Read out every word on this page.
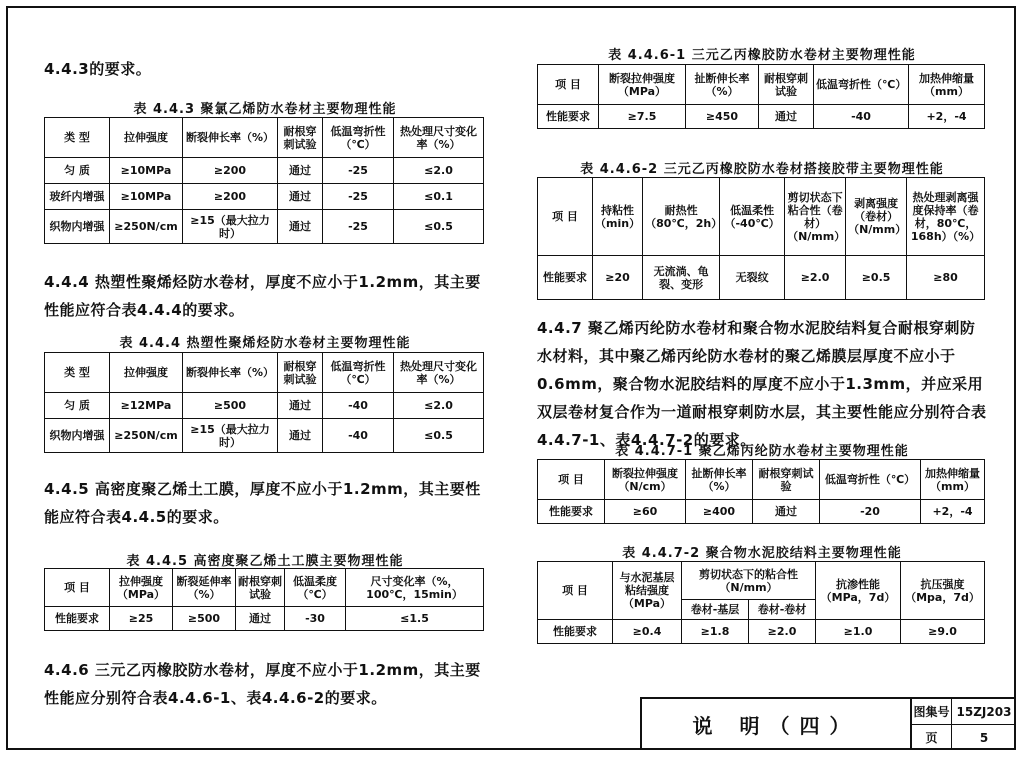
4.4.3的要求。

表 4.4.3 聚氯乙烯防水卷材主要物理性能
类 型	拉伸强度	断裂伸长率（%）	耐根穿刺试验	低温弯折性（℃）	热处理尺寸变化率（%）
匀 质	≥10MPa	≥200	通过	-25	≤2.0
玻纤内增强	≥10MPa	≥200	通过	-25	≤0.1
织物内增强	≥250N/cm	≥15（最大拉力时）	通过	-25	≤0.5

4.4.4 热塑性聚烯烃防水卷材，厚度不应小于1.2mm，其主要性能应符合表4.4.4的要求。

表 4.4.4 热塑性聚烯烃防水卷材主要物理性能
类 型	拉伸强度	断裂伸长率（%）	耐根穿刺试验	低温弯折性（℃）	热处理尺寸变化率（%）
匀 质	≥12MPa	≥500	通过	-40	≤2.0
织物内增强	≥250N/cm	≥15（最大拉力时）	通过	-40	≤0.5

4.4.5 高密度聚乙烯土工膜，厚度不应小于1.2mm，其主要性能应符合表4.4.5的要求。

表 4.4.5 高密度聚乙烯土工膜主要物理性能
项 目	拉伸强度（MPa）	断裂延伸率（%）	耐根穿刺试验	低温柔度（℃）	尺寸变化率（%，100℃，15min）
性能要求	≥25	≥500	通过	-30	≤1.5

4.4.6 三元乙丙橡胶防水卷材，厚度不应小于1.2mm，其主要性能应分别符合表4.4.6-1、表4.4.6-2的要求。

表 4.4.6-1 三元乙丙橡胶防水卷材主要物理性能
项 目	断裂拉伸强度（MPa）	扯断伸长率（%）	耐根穿刺试验	低温弯折性（℃）	加热伸缩量（mm）
性能要求	≥7.5	≥450	通过	-40	+2，-4
表 4.4.6-2 三元乙丙橡胶防水卷材搭接胶带主要物理性能
项 目	持粘性（min）	耐热性（80℃，2h）	低温柔性（-40℃）	剪切状态下粘合性（卷材）（N/mm）	剥离强度（卷材）（N/mm）	热处理剥离强度保持率（卷材，80℃，168h）（%）
性能要求	≥20	无流淌、龟裂、变形	无裂纹	≥2.0	≥0.5	≥80

4.4.7 聚乙烯丙纶防水卷材和聚合物水泥胶结料复合耐根穿刺防水材料，其中聚乙烯丙纶防水卷材的聚乙烯膜层厚度不应小于0.6mm，聚合物水泥胶结料的厚度不应小于1.3mm，并应采用双层卷材复合作为一道耐根穿刺防水层，其主要性能应分别符合表4.4.7-1、表4.4.7-2的要求。

表 4.4.7-1 聚乙烯丙纶防水卷材主要物理性能
项 目	断裂拉伸强度（N/cm）	扯断伸长率（%）	耐根穿刺试验	低温弯折性（℃）	加热伸缩量（mm）
性能要求	≥60	≥400	通过	-20	+2，-4
表 4.4.7-2 聚合物水泥胶结料主要物理性能
项 目	与水泥基层粘结强度（MPa）	剪切状态下的粘合性（N/mm）		抗渗性能（MPa，7d）	抗压强度（Mpa，7d）
		卷材-基层	卷材-卷材		
性能要求	≥0.4	≥1.8	≥2.0	≥1.0	≥9.0
说 明（四）
图集号 15ZJ203
页	5
